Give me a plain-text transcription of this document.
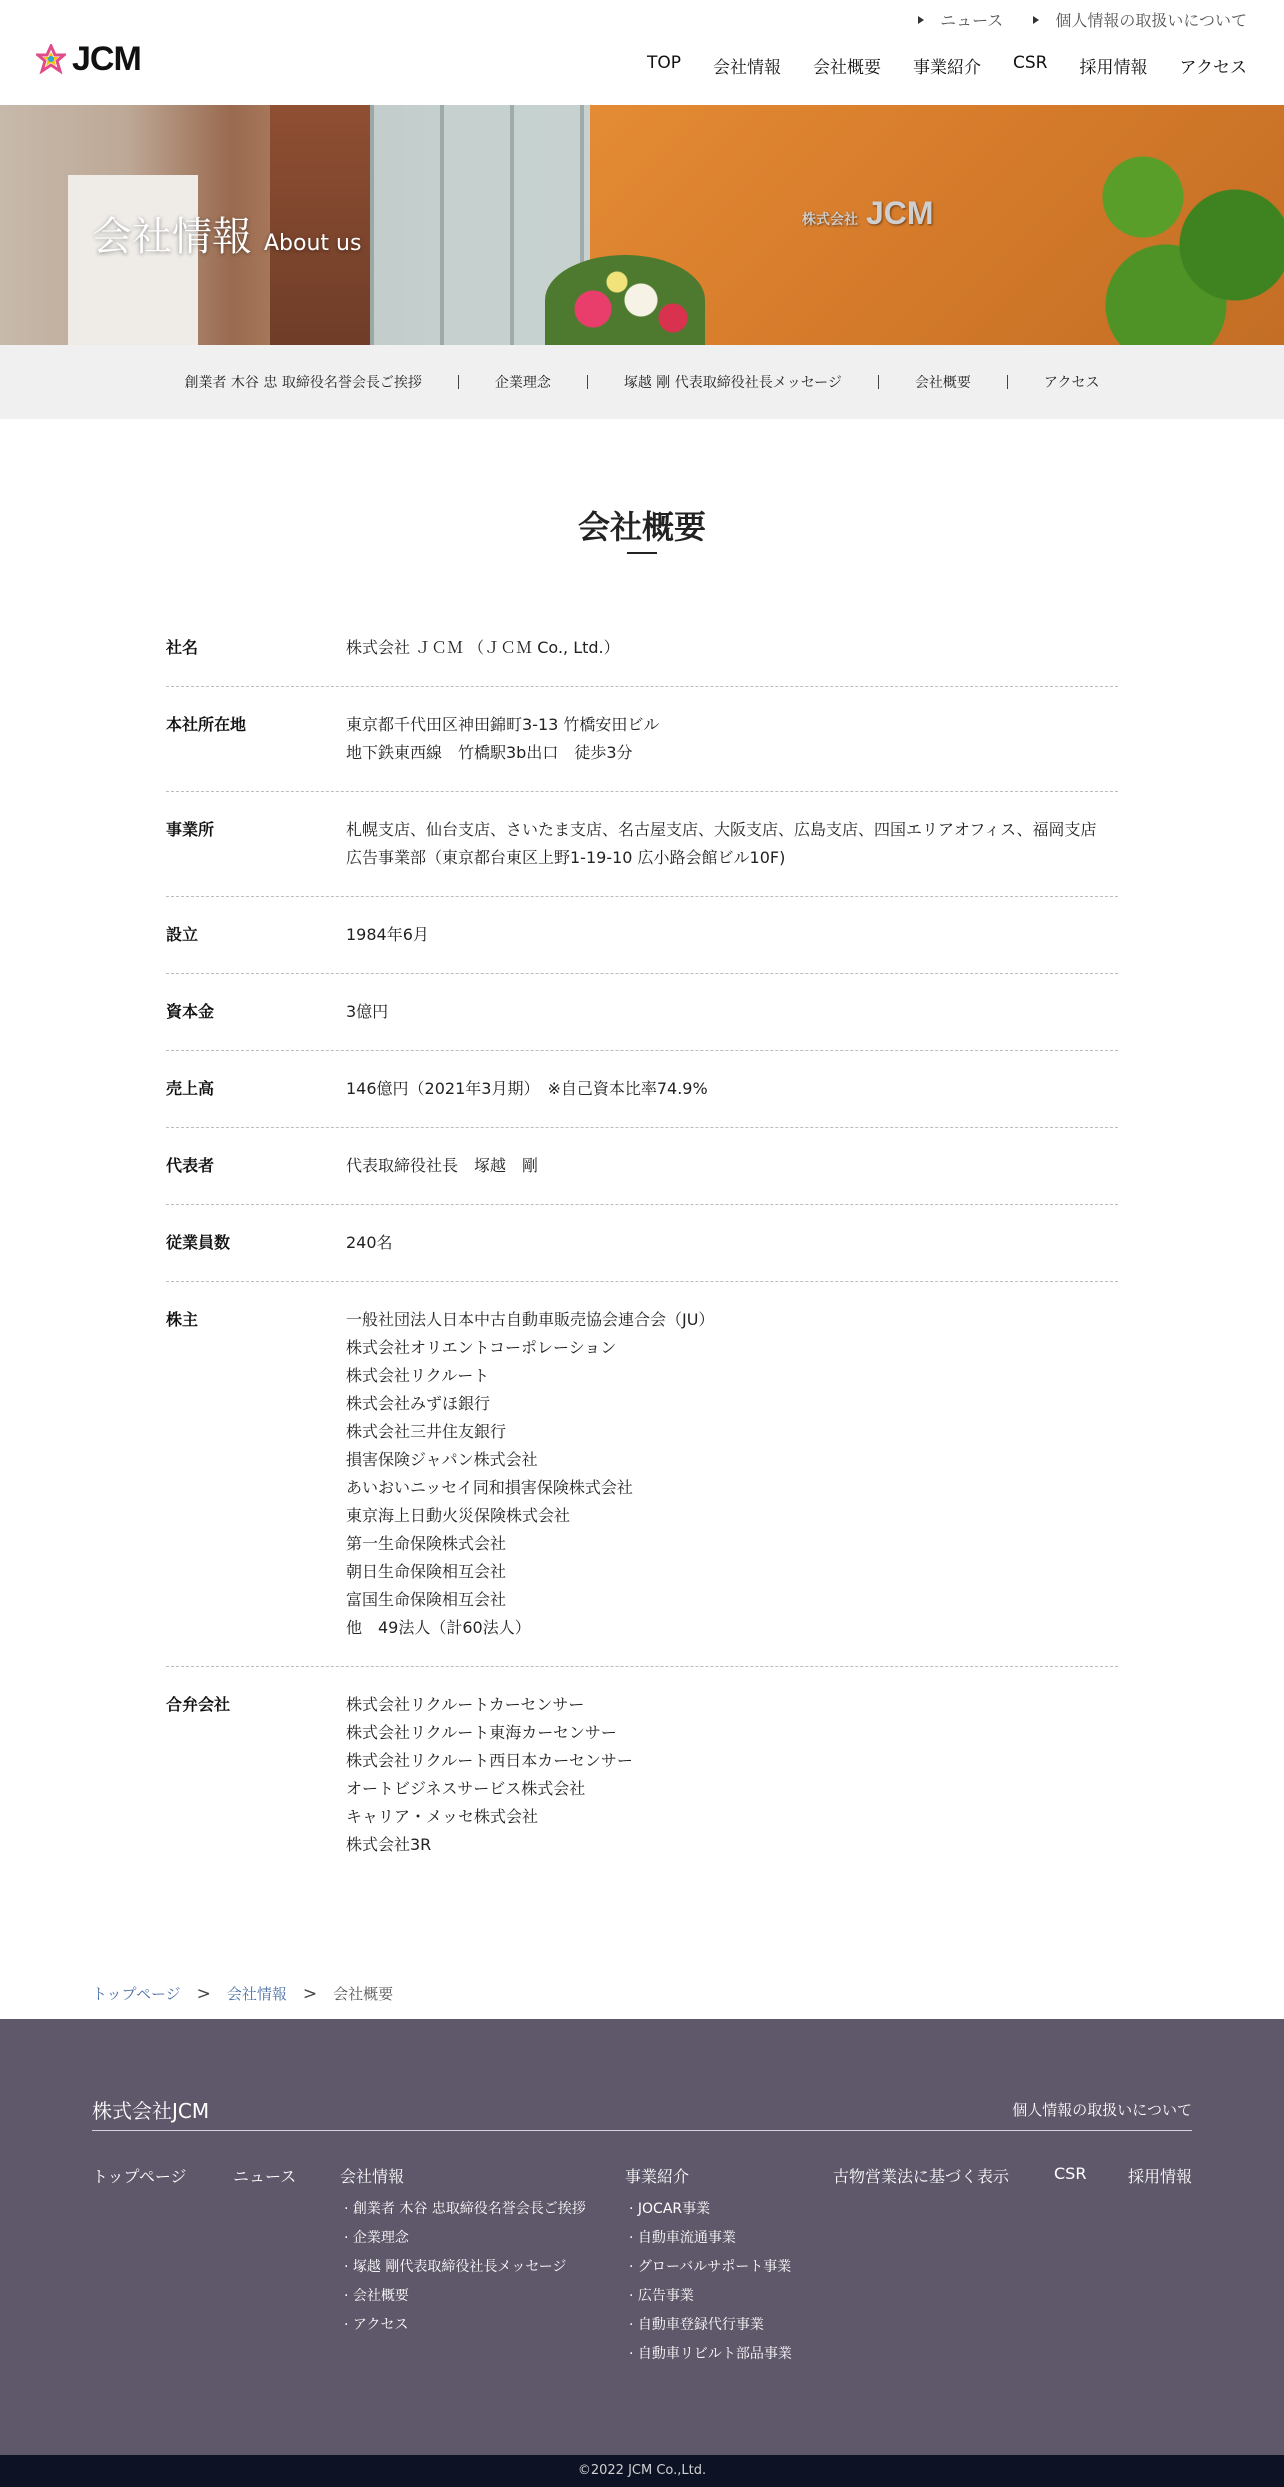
JCM
ニュース	個人情報の取扱いについて
TOP 会社情報 会社概要 事業紹介 CSR 採用情報 アクセス
株式会社 JCM
会社情報 About us
創業者 木谷 忠 取締役名誉会長ご挨拶	企業理念	塚越 剛 代表取締役社長メッセージ	会社概要	アクセス
会社概要
社名	株式会社 ＪＣＭ （ＪＣＭ Co., Ltd.）
本社所在地	東京都千代田区神田錦町3-13 竹橋安田ビル
地下鉄東西線　竹橋駅3b出口　徒歩3分
事業所	札幌支店、仙台支店、さいたま支店、名古屋支店、大阪支店、広島支店、四国エリアオフィス、福岡支店
広告事業部（東京都台東区上野1-19-10 広小路会館ビル10F)
設立	1984年6月
資本金	3億円
売上高	146億円（2021年3月期）　※自己資本比率74.9%
代表者	代表取締役社長　塚越　剛
従業員数	240名
株主	一般社団法人日本中古自動車販売協会連合会（JU）
株式会社オリエントコーポレーション
株式会社リクルート
株式会社みずほ銀行
株式会社三井住友銀行
損害保険ジャパン株式会社
あいおいニッセイ同和損害保険株式会社
東京海上日動火災保険株式会社
第一生命保険株式会社
朝日生命保険相互会社
富国生命保険相互会社
他　49法人（計60法人）
合弁会社	株式会社リクルートカーセンサー
株式会社リクルート東海カーセンサー
株式会社リクルート西日本カーセンサー
オートビジネスサービス株式会社
キャリア・メッセ株式会社
株式会社3R
トップページ > 会社情報 > 会社概要
株式会社JCM	個人情報の取扱いについて
トップページ	ニュース	会社情報
· 創業者 木谷 忠取締役名誉会長ご挨拶
· 企業理念
· 塚越 剛代表取締役社長メッセージ
· 会社概要
· アクセス
事業紹介
· JOCAR事業
· 自動車流通事業
· グローバルサポート事業
· 広告事業
· 自動車登録代行事業
· 自動車リビルト部品事業
古物営業法に基づく表示	CSR	採用情報
©2022 JCM Co.,Ltd.
